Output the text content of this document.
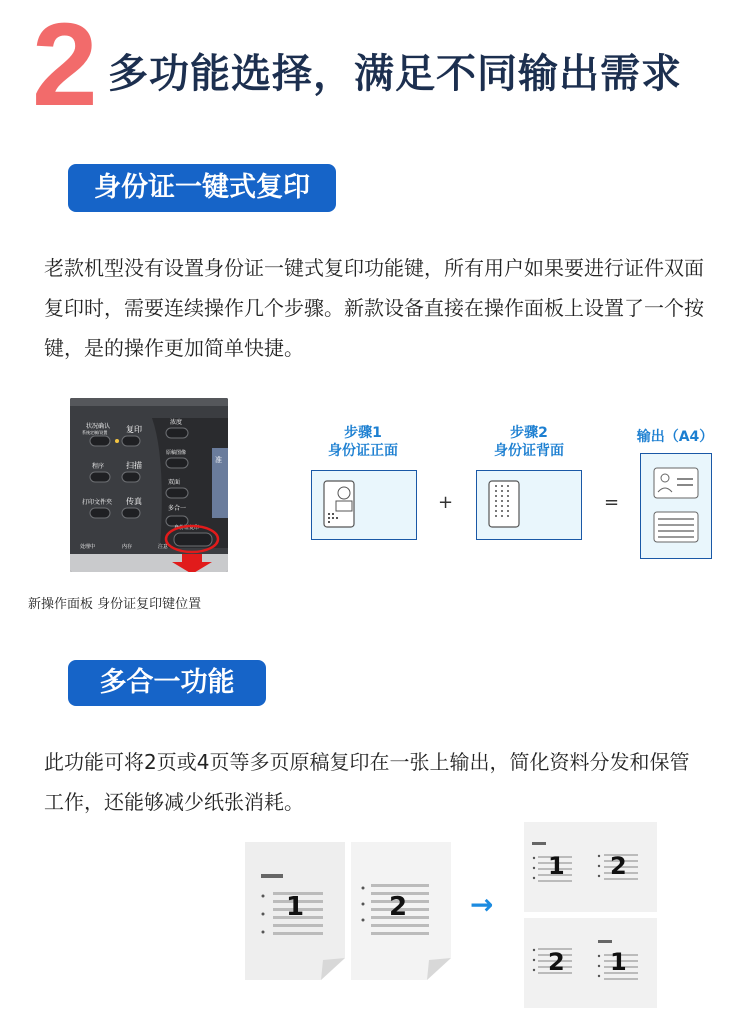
2 多功能选择，满足不同输出需求
身份证一键式复印
老款机型没有设置身份证一键式复印功能键，所有用户如果要进行证件双面复印时，需要连续操作几个步骤。新款设备直接在操作面板上设置了一个按键，是的操作更加简单快捷。
准
状况确认
系统定制/设置 复印
程序	扫描
打印文件夹 传真
浓度
原稿图像
双面
多合一
身份证复印
处理中	内存	注意
新操作面板 身份证复印键位置
步骤1
身份证正面
+
步骤2
身份证背面
=
输出（A4）
多合一功能
此功能可将2页或4页等多页原稿复印在一张上输出，简化资料分发和保管工作，还能够减少纸张消耗。
1	2 →
1 2
2 1
